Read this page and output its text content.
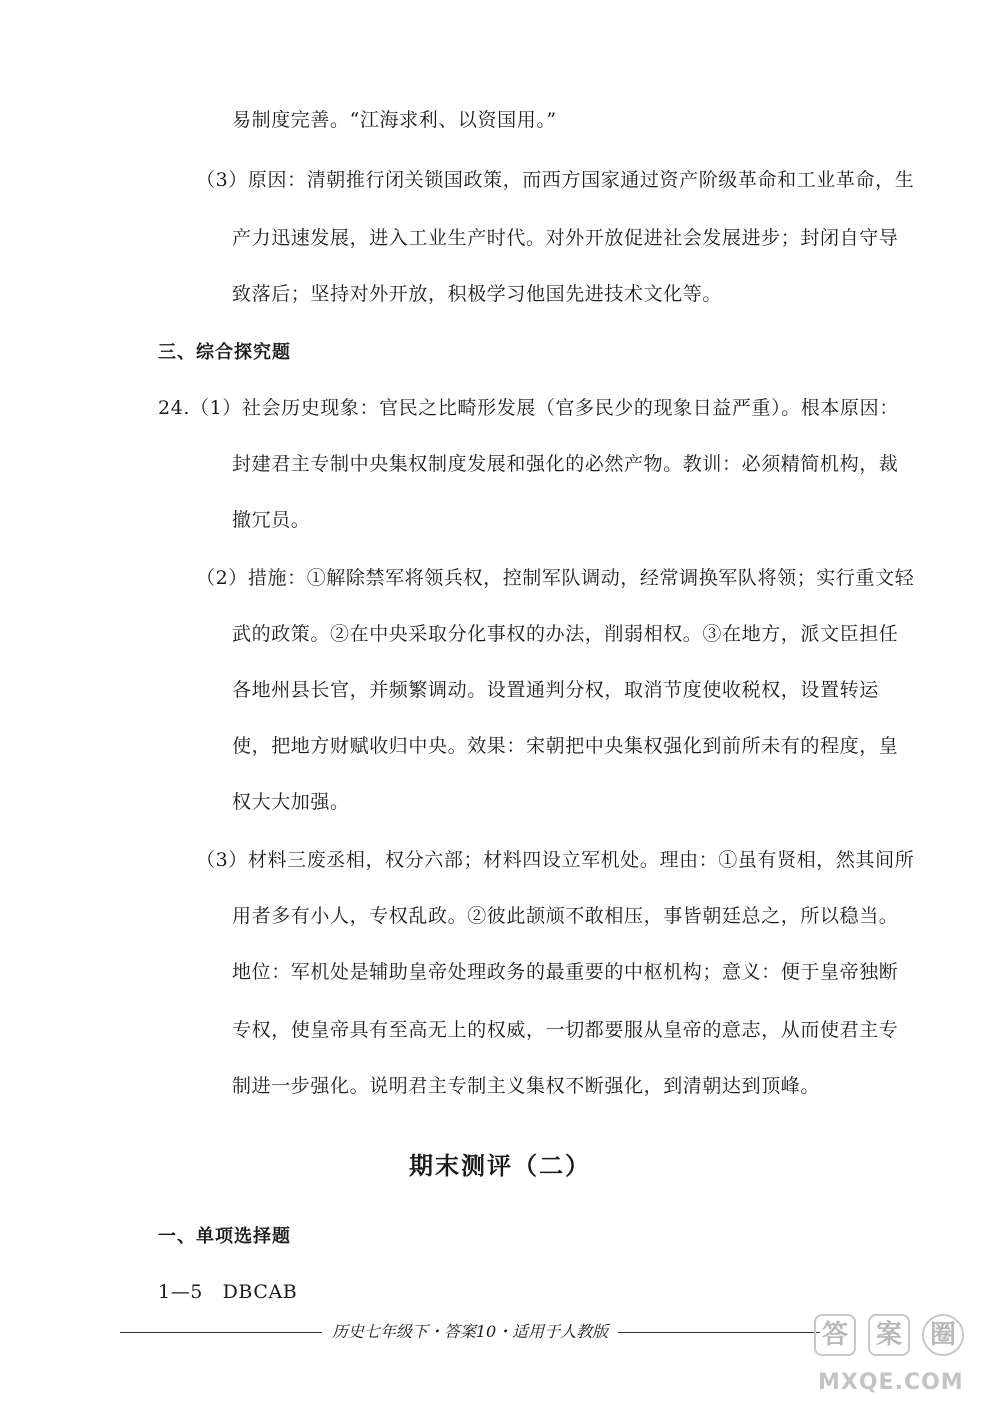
易制度完善。“江海求利、以资国用。”
（3）原因：清朝推行闭关锁国政策，而西方国家通过资产阶级革命和工业革命，生
产力迅速发展，进入工业生产时代。对外开放促进社会发展进步；封闭自守导
致落后；坚持对外开放，积极学习他国先进技术文化等。
三、综合探究题
24.（1）社会历史现象：官民之比畸形发展（官多民少的现象日益严重）。根本原因：
封建君主专制中央集权制度发展和强化的必然产物。教训：必须精简机构，裁
撤冗员。
（2）措施：①解除禁军将领兵权，控制军队调动，经常调换军队将领；实行重文轻
武的政策。②在中央采取分化事权的办法，削弱相权。③在地方，派文臣担任
各地州县长官，并频繁调动。设置通判分权，取消节度使收税权，设置转运
使，把地方财赋收归中央。效果：宋朝把中央集权强化到前所未有的程度，皇
权大大加强。
（3）材料三废丞相，权分六部；材料四设立军机处。理由：①虽有贤相，然其间所
用者多有小人，专权乱政。②彼此颉颃不敢相压，事皆朝廷总之，所以稳当。
地位：军机处是辅助皇帝处理政务的最重要的中枢机构；意义：便于皇帝独断
专权，使皇帝具有至高无上的权威，一切都要服从皇帝的意志，从而使君主专
制进一步强化。说明君主专制主义集权不断强化，到清朝达到顶峰。
期末测评（二）
一、单项选择题
1—5　DBCAB
历史七年级下・答案10・适用于人教版	答	案	圈
MXQE.COM
